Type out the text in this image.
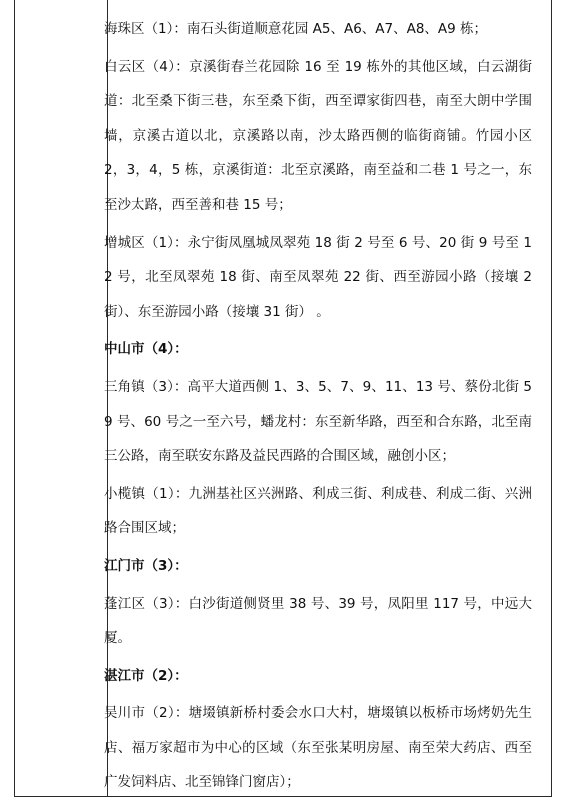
海珠区（1）：南石头街道顺意花园 A5、A6、A7、A8、A9 栋；

白云区（4）：京溪街春兰花园除 16 至 19 栋外的其他区域，白云湖街道：北至桑下街三巷，东至桑下街，西至谭家街四巷，南至大朗中学围墙，京溪古道以北，京溪路以南，沙太路西侧的临街商铺。竹园小区 2，3，4，5 栋，京溪街道：北至京溪路，南至益和二巷 1 号之一，东至沙太路，西至善和巷 15 号；

增城区（1）：永宁街凤凰城凤翠苑 18 街 2 号至 6 号、20 街 9 号至 12 号，北至凤翠苑 18 街、南至凤翠苑 22 街、西至游园小路（接壤 2 街）、东至游园小路（接壤 31 街） 。

中山市（4）：

三角镇（3）：高平大道西侧 1、3、5、7、9、11、13 号、蔡份北街 59 号、60 号之一至六号，蟠龙村：东至新华路，西至和合东路，北至南三公路，南至联安东路及益民西路的合围区域，融创小区；

小榄镇（1）：九洲基社区兴洲路、利成三街、利成巷、利成二街、兴洲路合围区域；

江门市（3）：

蓬江区（3）：白沙街道侧贤里 38 号、39 号，凤阳里 117 号，中远大厦。

湛江市（2）：

吴川市（2）：塘㙍镇新桥村委会水口大村，塘㙍镇以板桥市场烤奶先生店、福万家超市为中心的区域（东至张某明房屋、南至荣大药店、西至广发饲料店、北至锦锋门窗店）；
